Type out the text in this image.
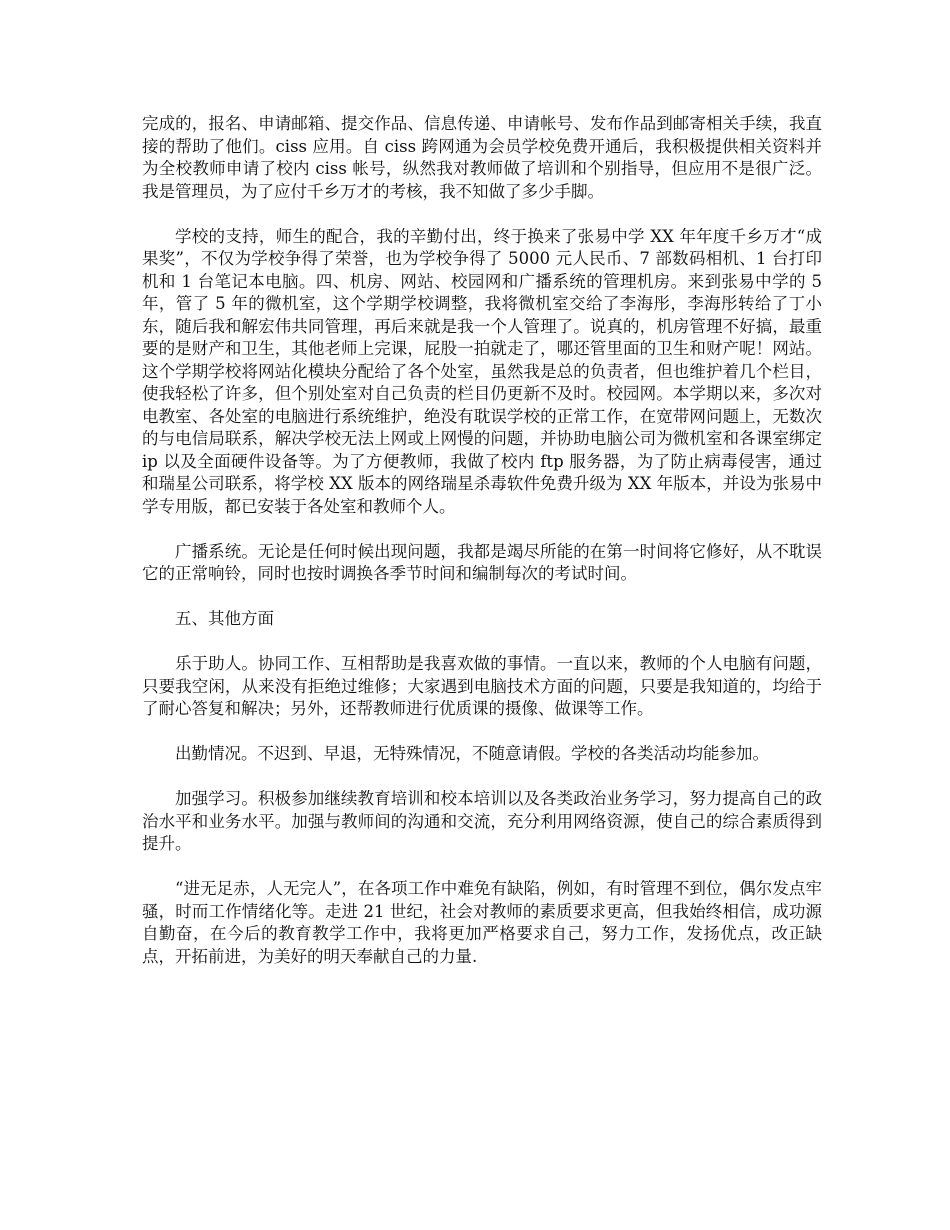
完成的，报名、申请邮箱、提交作品、信息传递、申请帐号、发布作品到邮寄相关手续，我直接的帮助了他们。ciss 应用。自 ciss 跨网通为会员学校免费开通后，我积极提供相关资料并为全校教师申请了校内 ciss 帐号，纵然我对教师做了培训和个别指导，但应用不是很广泛。我是管理员，为了应付千乡万才的考核，我不知做了多少手脚。

学校的支持，师生的配合，我的辛勤付出，终于换来了张易中学 XX 年年度千乡万才“成果奖”，不仅为学校争得了荣誉，也为学校争得了 5000 元人民币、7 部数码相机、1 台打印机和 1 台笔记本电脑。四、机房、网站、校园网和广播系统的管理机房。来到张易中学的 5 年，管了 5 年的微机室，这个学期学校调整，我将微机室交给了李海彤，李海彤转给了丁小东，随后我和解宏伟共同管理，再后来就是我一个人管理了。说真的，机房管理不好搞，最重要的是财产和卫生，其他老师上完课，屁股一拍就走了，哪还管里面的卫生和财产呢！网站。这个学期学校将网站化模块分配给了各个处室，虽然我是总的负责者，但也维护着几个栏目，使我轻松了许多，但个别处室对自己负责的栏目仍更新不及时。校园网。本学期以来，多次对电教室、各处室的电脑进行系统维护，绝没有耽误学校的正常工作，在宽带网问题上，无数次的与电信局联系，解决学校无法上网或上网慢的问题，并协助电脑公司为微机室和各课室绑定 ip 以及全面硬件设备等。为了方便教师，我做了校内 ftp 服务器，为了防止病毒侵害，通过和瑞星公司联系，将学校 XX 版本的网络瑞星杀毒软件免费升级为 XX 年版本，并设为张易中学专用版，都已安装于各处室和教师个人。

广播系统。无论是任何时候出现问题，我都是竭尽所能的在第一时间将它修好，从不耽误它的正常响铃，同时也按时调换各季节时间和编制每次的考试时间。

五、其他方面

乐于助人。协同工作、互相帮助是我喜欢做的事情。一直以来，教师的个人电脑有问题，只要我空闲，从来没有拒绝过维修；大家遇到电脑技术方面的问题，只要是我知道的，均给于了耐心答复和解决；另外，还帮教师进行优质课的摄像、做课等工作。

出勤情况。不迟到、早退，无特殊情况，不随意请假。学校的各类活动均能参加。

加强学习。积极参加继续教育培训和校本培训以及各类政治业务学习，努力提高自己的政治水平和业务水平。加强与教师间的沟通和交流，充分利用网络资源，使自己的综合素质得到提升。

“进无足赤，人无完人”，在各项工作中难免有缺陷，例如，有时管理不到位，偶尔发点牢骚，时而工作情绪化等。走进 21 世纪，社会对教师的素质要求更高，但我始终相信，成功源自勤奋，在今后的教育教学工作中，我将更加严格要求自己，努力工作，发扬优点，改正缺点，开拓前进，为美好的明天奉献自己的力量.
